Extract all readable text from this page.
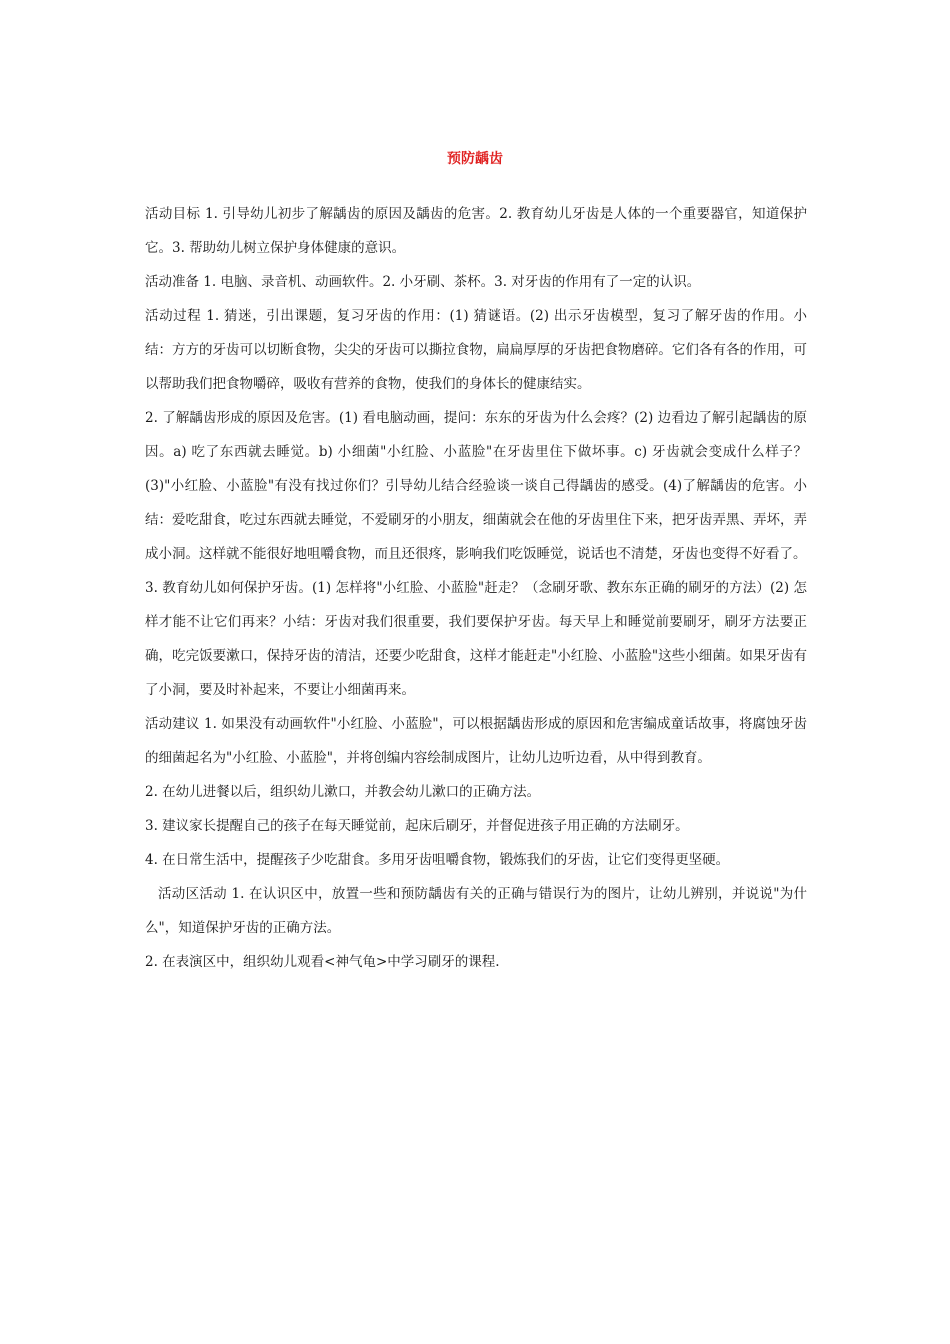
预防龋齿

活动目标 1. 引导幼儿初步了解龋齿的原因及龋齿的危害。2. 教育幼儿牙齿是人体的一个重要器官，知道保护它。3. 帮助幼儿树立保护身体健康的意识。

活动准备 1. 电脑、录音机、动画软件。2. 小牙刷、茶杯。3. 对牙齿的作用有了一定的认识。

活动过程 1. 猜迷，引出课题，复习牙齿的作用：(1) 猜谜语。(2) 出示牙齿模型，复习了解牙齿的作用。小结：方方的牙齿可以切断食物，尖尖的牙齿可以撕拉食物，扁扁厚厚的牙齿把食物磨碎。它们各有各的作用，可以帮助我们把食物嚼碎，吸收有营养的食物，使我们的身体长的健康结实。

2. 了解龋齿形成的原因及危害。(1) 看电脑动画，提问：东东的牙齿为什么会疼？(2) 边看边了解引起龋齿的原因。a) 吃了东西就去睡觉。b) 小细菌"小红脸、小蓝脸"在牙齿里住下做坏事。c) 牙齿就会变成什么样子？(3)"小红脸、小蓝脸"有没有找过你们？引导幼儿结合经验谈一谈自己得龋齿的感受。(4)了解龋齿的危害。小结：爱吃甜食，吃过东西就去睡觉，不爱刷牙的小朋友，细菌就会在他的牙齿里住下来，把牙齿弄黑、弄坏，弄成小洞。这样就不能很好地咀嚼食物，而且还很疼，影响我们吃饭睡觉，说话也不清楚，牙齿也变得不好看了。

3. 教育幼儿如何保护牙齿。(1) 怎样将"小红脸、小蓝脸"赶走？（念刷牙歌、教东东正确的刷牙的方法）(2) 怎样才能不让它们再来？小结：牙齿对我们很重要，我们要保护牙齿。每天早上和睡觉前要刷牙，刷牙方法要正确，吃完饭要漱口，保持牙齿的清洁，还要少吃甜食，这样才能赶走"小红脸、小蓝脸"这些小细菌。如果牙齿有了小洞，要及时补起来，不要让小细菌再来。

活动建议 1. 如果没有动画软件"小红脸、小蓝脸"，可以根据龋齿形成的原因和危害编成童话故事，将腐蚀牙齿的细菌起名为"小红脸、小蓝脸"，并将创编内容绘制成图片，让幼儿边听边看，从中得到教育。

2. 在幼儿进餐以后，组织幼儿漱口，并教会幼儿漱口的正确方法。

3. 建议家长提醒自己的孩子在每天睡觉前，起床后刷牙，并督促进孩子用正确的方法刷牙。

4. 在日常生活中，提醒孩子少吃甜食。多用牙齿咀嚼食物，锻炼我们的牙齿，让它们变得更坚硬。

活动区活动 1. 在认识区中，放置一些和预防龋齿有关的正确与错误行为的图片，让幼儿辨别，并说说"为什么"，知道保护牙齿的正确方法。

2. 在表演区中，组织幼儿观看<神气龟>中学习刷牙的课程.
